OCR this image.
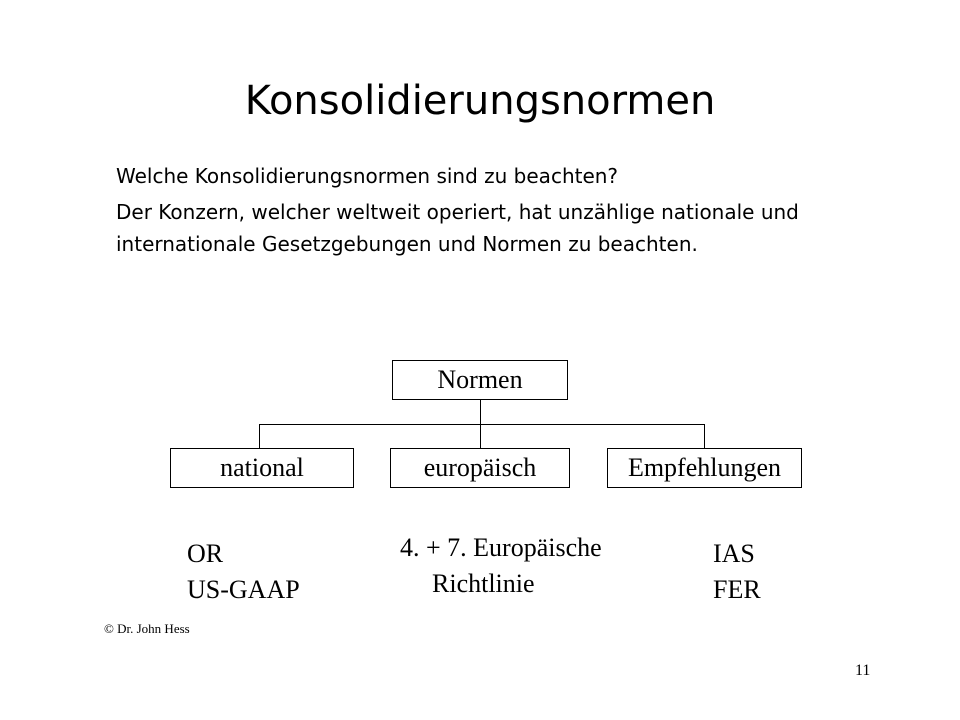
Konsolidierungsnormen
Welche Konsolidierungsnormen sind zu beachten?
Der Konzern, welcher weltweit operiert, hat unzählige nationale und internationale Gesetzgebungen und Normen zu beachten.
Normen
national	europäisch	Empfehlungen
OR
US-GAAP
4. + 7. Europäische
Richtlinie
IAS
FER
© Dr. John Hess
11
